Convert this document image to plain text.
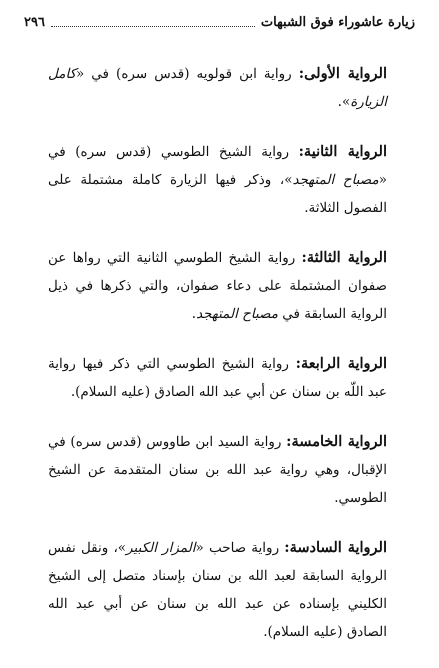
زيارة عاشوراء فوق الشبهات
٢٩٦

الرواية الأولى: رواية ابن قولويه (قدس سره) في «كامل الزيارة».

الرواية الثانية: رواية الشيخ الطوسي (قدس سره) في «مصباح المتهجد»، وذكر فيها الزيارة كاملة مشتملة على الفصول الثلاثة.

الرواية الثالثة: رواية الشيخ الطوسي الثانية التي رواها عن صفوان المشتملة على دعاء صفوان، والتي ذكرها في ذيل الرواية السابقة في مصباح المتهجد.

الرواية الرابعة: رواية الشيخ الطوسي التي ذكر فيها رواية عبد اللّه بن سنان عن أبي عبد الله الصادق (عليه السلام).

الرواية الخامسة: رواية السيد ابن طاووس (قدس سره) في الإقبال، وهي رواية عبد الله بن سنان المتقدمة عن الشيخ الطوسي.

الرواية السادسة: رواية صاحب «المزار الكبير»، ونقل نفس الرواية السابقة لعبد الله بن سنان بإسناد متصل إلى الشيخ الكليني بإسناده عن عبد الله بن سنان عن أبي عبد الله الصادق (عليه السلام).
